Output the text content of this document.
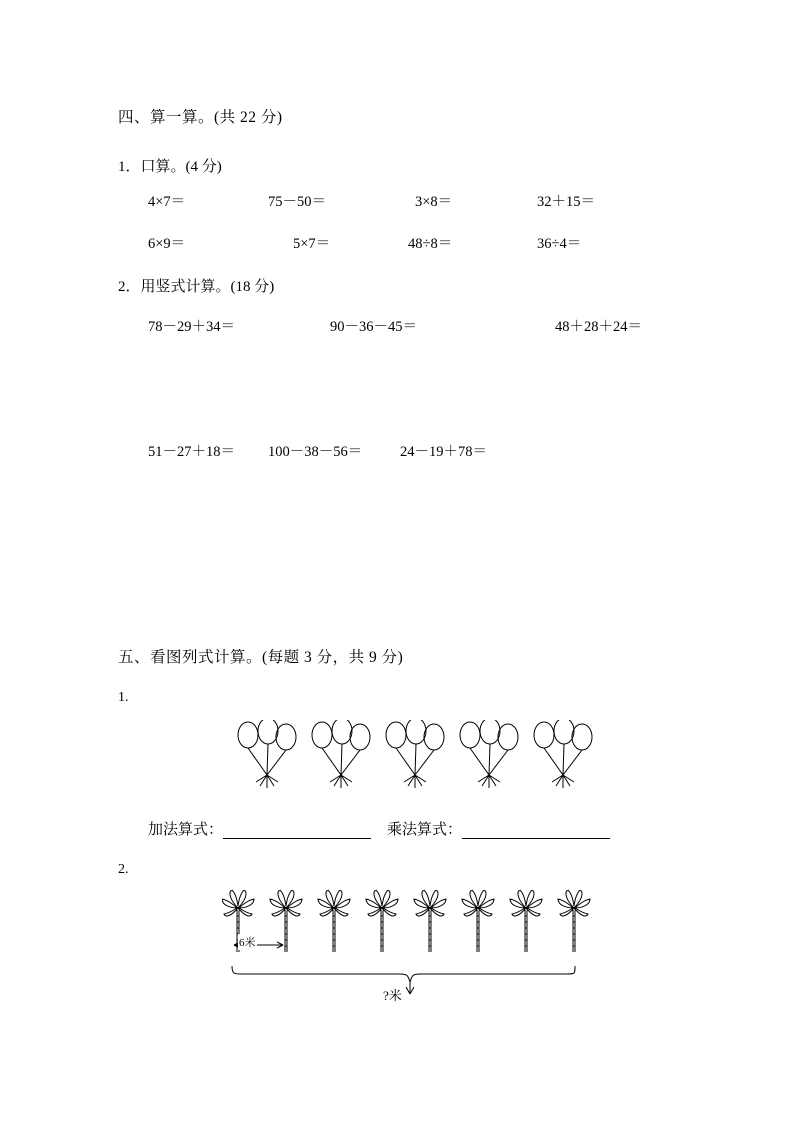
四、算一算。(共 22 分)
1．口算。(4 分)
4×7＝	75－50＝	3×8＝	32＋15＝
6×9＝	5×7＝	48÷8＝	36÷4＝
2．用竖式计算。(18 分)
78－29＋34＝	90－36－45＝	48＋28＋24＝
51－27＋18＝ 100－38－56＝	24－19＋78＝
五、看图列式计算。(每题 3 分，共 9 分)
1.
加法算式：	乘法算式：
2.
6米
?米
